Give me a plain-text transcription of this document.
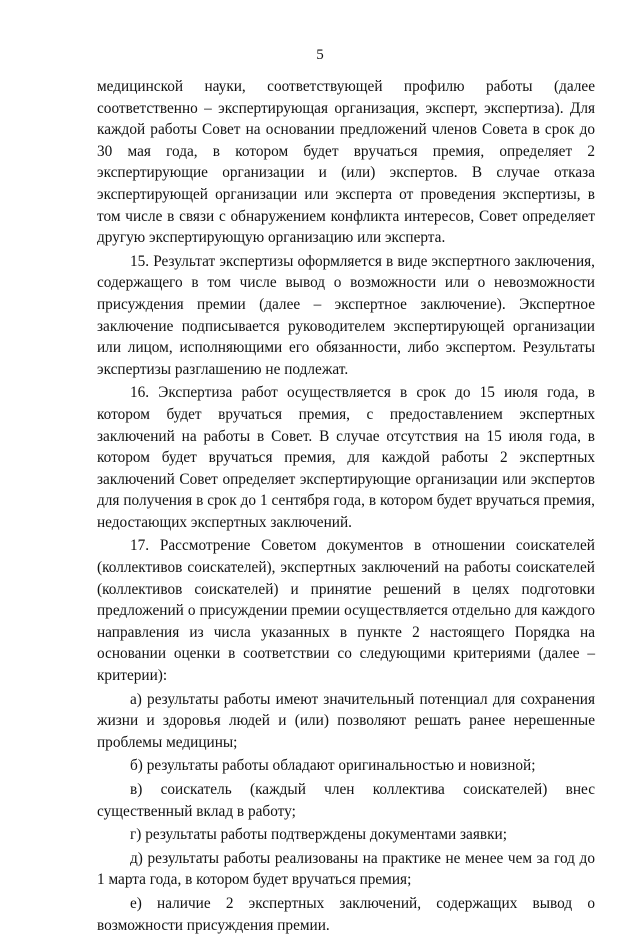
5

медицинской науки, соответствующей профилю работы (далее соответственно – экспертирующая организация, эксперт, экспертиза). Для каждой работы Совет на основании предложений членов Совета в срок до 30 мая года, в котором будет вручаться премия, определяет 2 экспертирующие организации и (или) экспертов. В случае отказа экспертирующей организации или эксперта от проведения экспертизы, в том числе в связи с обнаружением конфликта интересов, Совет определяет другую экспертирующую организацию или эксперта.

15. Результат экспертизы оформляется в виде экспертного заключения, содержащего в том числе вывод о возможности или о невозможности присуждения премии (далее – экспертное заключение). Экспертное заключение подписывается руководителем экспертирующей организации или лицом, исполняющими его обязанности, либо экспертом. Результаты экспертизы разглашению не подлежат.

16. Экспертиза работ осуществляется в срок до 15 июля года, в котором будет вручаться премия, с предоставлением экспертных заключений на работы в Совет. В случае отсутствия на 15 июля года, в котором будет вручаться премия, для каждой работы 2 экспертных заключений Совет определяет экспертирующие организации или экспертов для получения в срок до 1 сентября года, в котором будет вручаться премия, недостающих экспертных заключений.

17. Рассмотрение Советом документов в отношении соискателей (коллективов соискателей), экспертных заключений на работы соискателей (коллективов соискателей) и принятие решений в целях подготовки предложений о присуждении премии осуществляется отдельно для каждого направления из числа указанных в пункте 2 настоящего Порядка на основании оценки в соответствии со следующими критериями (далее – критерии):

а) результаты работы имеют значительный потенциал для сохранения жизни и здоровья людей и (или) позволяют решать ранее нерешенные проблемы медицины;

б) результаты работы обладают оригинальностью и новизной;

в) соискатель (каждый член коллектива соискателей) внес существенный вклад в работу;

г) результаты работы подтверждены документами заявки;

д) результаты работы реализованы на практике не менее чем за год до 1 марта года, в котором будет вручаться премия;

е) наличие 2 экспертных заключений, содержащих вывод о возможности присуждения премии.
